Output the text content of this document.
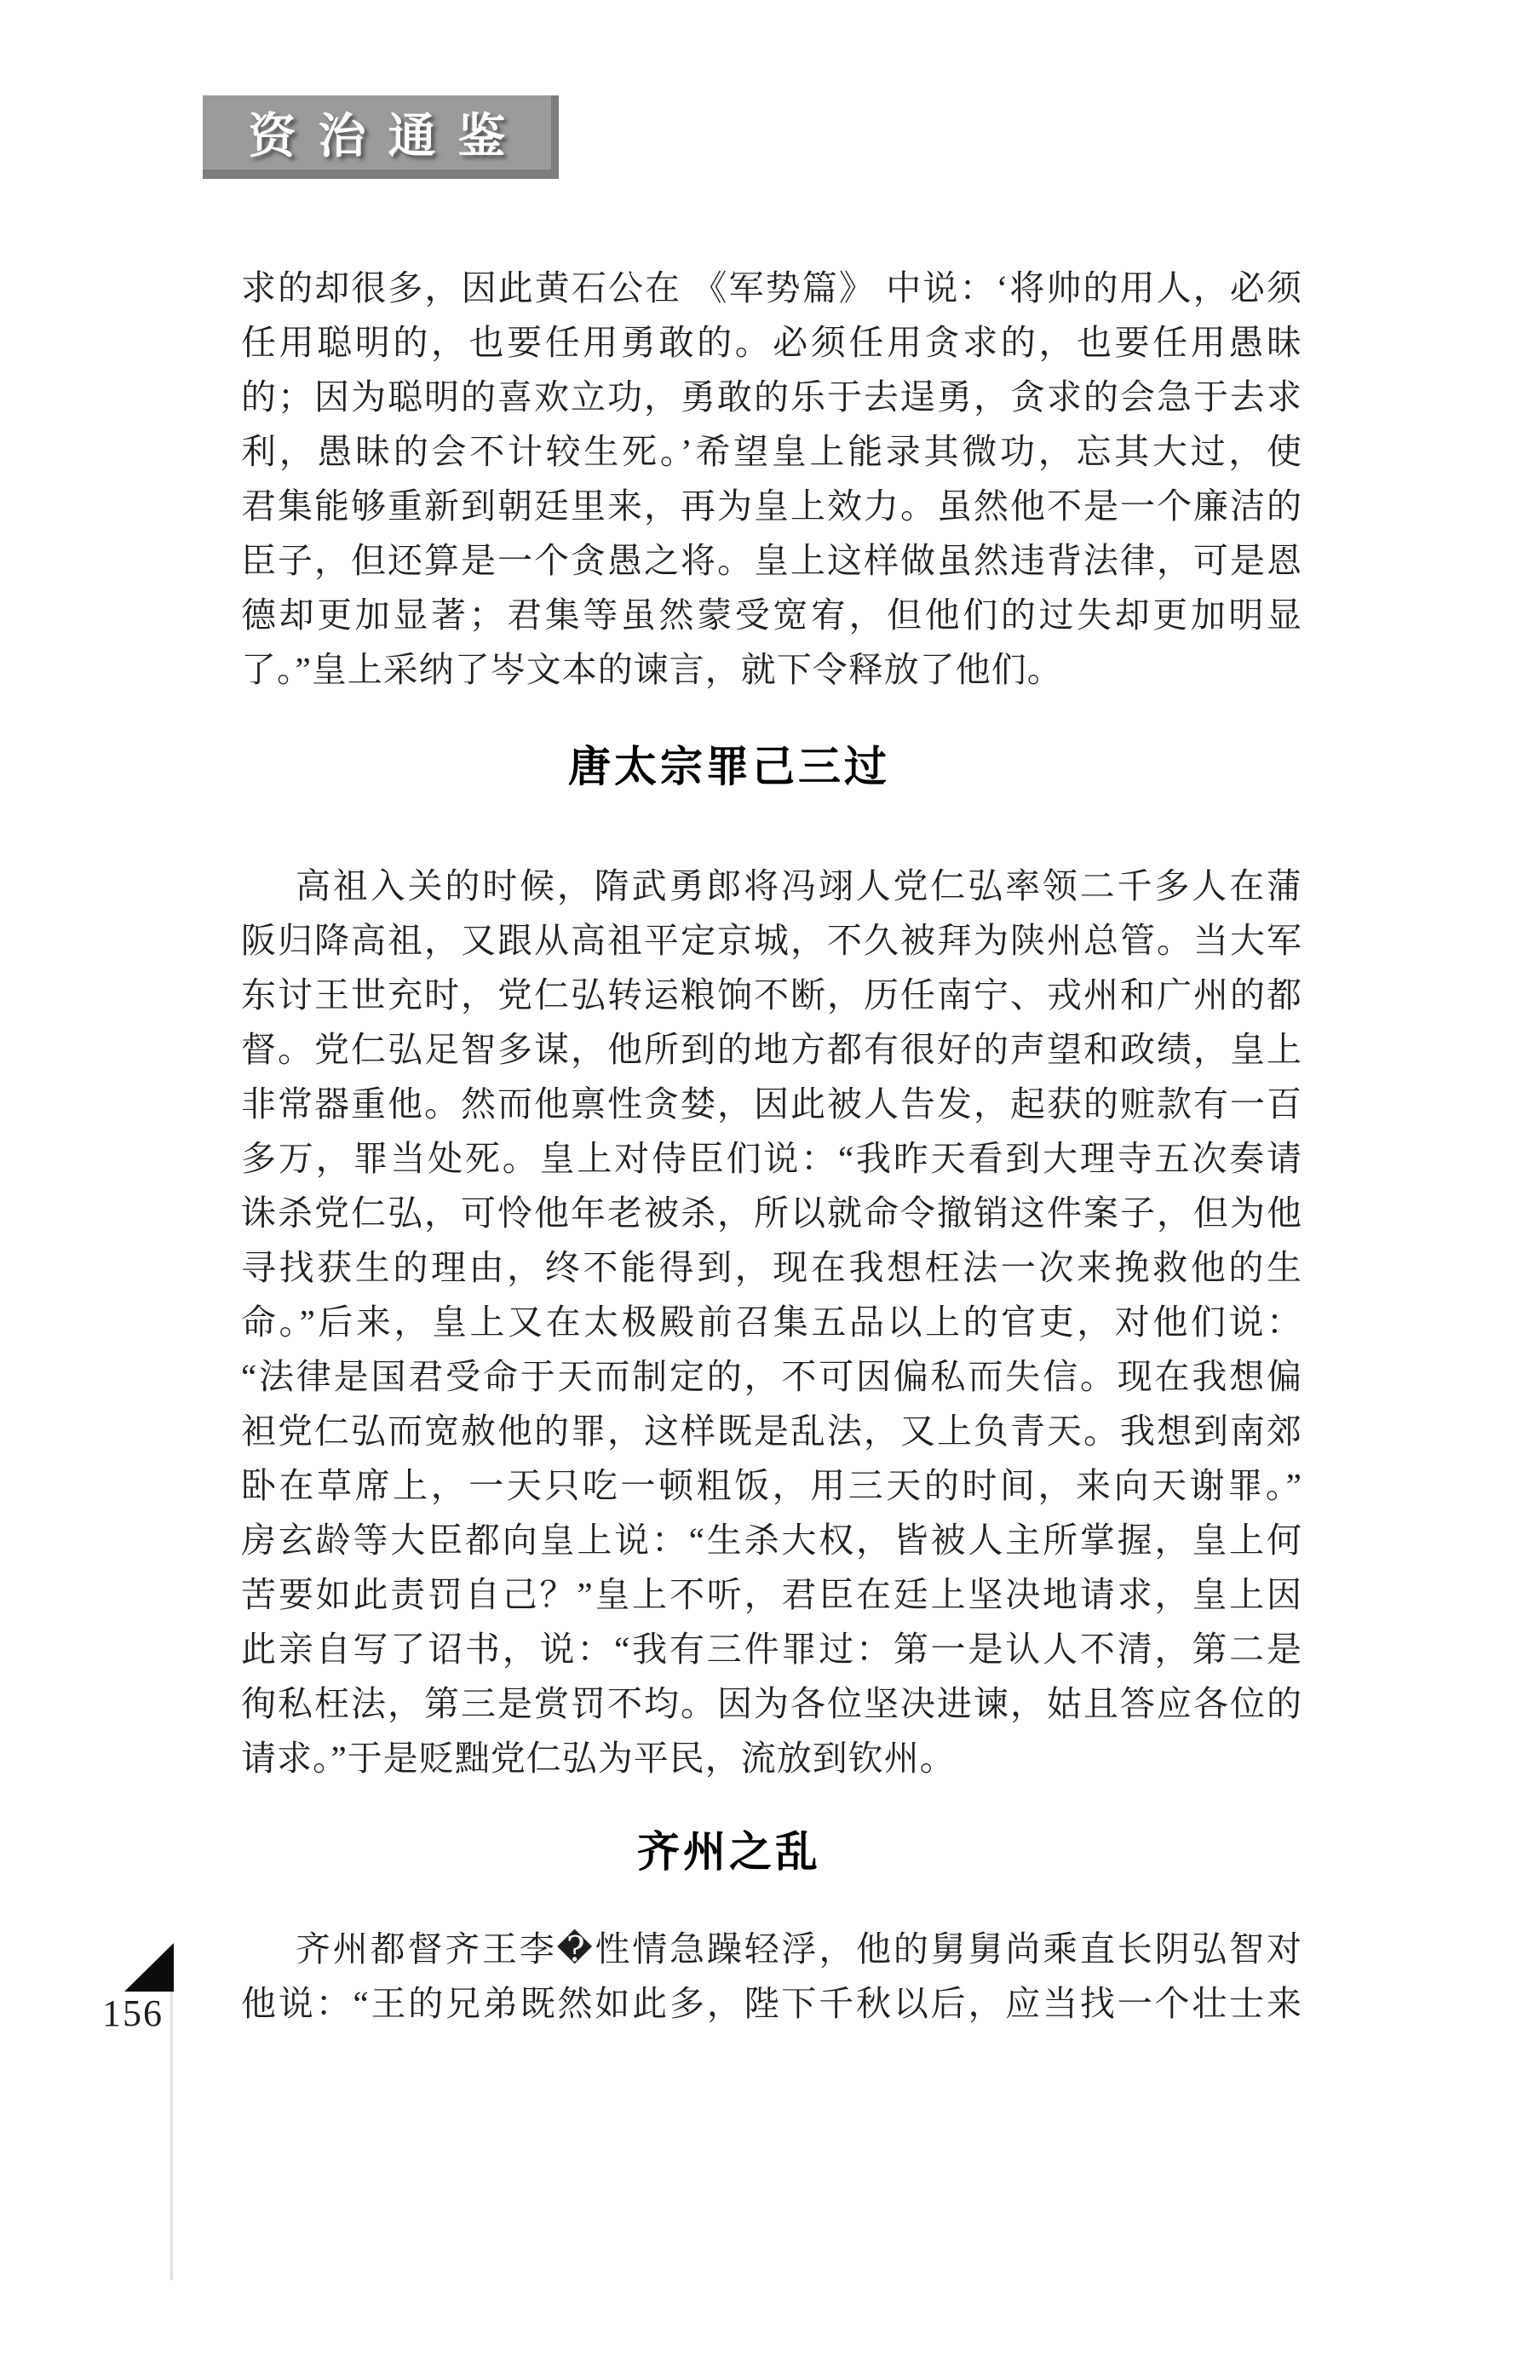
资治通鉴
求的却很多，因此黄石公在 《军势篇》 中说：‘将帅的用人，必须
任用聪明的，也要任用勇敢的。必须任用贪求的，也要任用愚昧
的；因为聪明的喜欢立功，勇敢的乐于去逞勇，贪求的会急于去求
利，愚昧的会不计较生死。’希望皇上能录其微功，忘其大过，使
君集能够重新到朝廷里来，再为皇上效力。虽然他不是一个廉洁的
臣子，但还算是一个贪愚之将。皇上这样做虽然违背法律，可是恩
德却更加显著；君集等虽然蒙受宽宥，但他们的过失却更加明显
了。”皇上采纳了岑文本的谏言，就下令释放了他们。
唐太宗罪己三过
高祖入关的时候，隋武勇郎将冯翊人党仁弘率领二千多人在蒲
阪归降高祖，又跟从高祖平定京城，不久被拜为陕州总管。当大军
东讨王世充时，党仁弘转运粮饷不断，历任南宁、戎州和广州的都
督。党仁弘足智多谋，他所到的地方都有很好的声望和政绩，皇上
非常器重他。然而他禀性贪婪，因此被人告发，起获的赃款有一百
多万，罪当处死。皇上对侍臣们说：“我昨天看到大理寺五次奏请
诛杀党仁弘，可怜他年老被杀，所以就命令撤销这件案子，但为他
寻找获生的理由，终不能得到，现在我想枉法一次来挽救他的生
命。”后来，皇上又在太极殿前召集五品以上的官吏，对他们说：
“法律是国君受命于天而制定的，不可因偏私而失信。现在我想偏
袒党仁弘而宽赦他的罪，这样既是乱法，又上负青天。我想到南郊
卧在草席上，一天只吃一顿粗饭，用三天的时间，来向天谢罪。”
房玄龄等大臣都向皇上说：“生杀大权，皆被人主所掌握，皇上何
苦要如此责罚自己？”皇上不听，君臣在廷上坚决地请求，皇上因
此亲自写了诏书，说：“我有三件罪过：第一是认人不清，第二是
徇私枉法，第三是赏罚不均。因为各位坚决进谏，姑且答应各位的
请求。”于是贬黜党仁弘为平民，流放到钦州。
齐州之乱
齐州都督齐王李�性情急躁轻浮，他的舅舅尚乘直长阴弘智对
他说：“王的兄弟既然如此多，陛下千秋以后，应当找一个壮士来
156
